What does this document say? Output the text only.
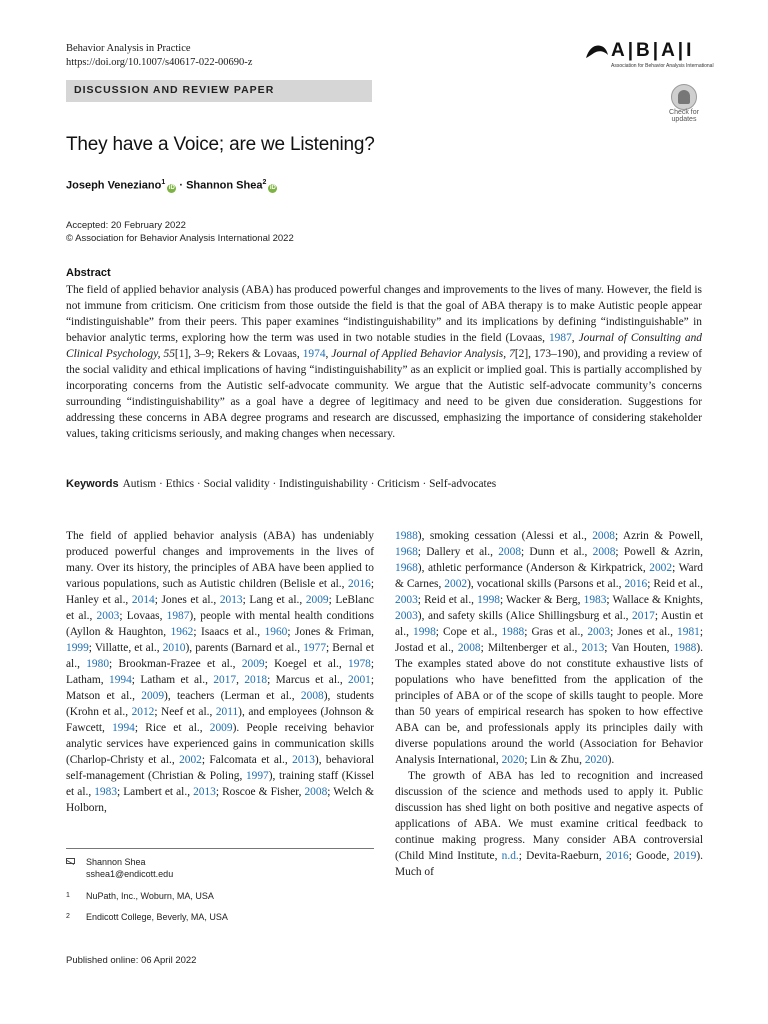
Behavior Analysis in Practice
https://doi.org/10.1007/s40617-022-00690-z
A|B|A|I
Association for Behavior Analysis International
DISCUSSION AND REVIEW PAPER
Check for
updates
They have a Voice; are we Listening?
Joseph Veneziano$^1$iD · Shannon Shea$^2$iD
Accepted: 20 February 2022
© Association for Behavior Analysis International 2022
Abstract

The field of applied behavior analysis (ABA) has produced powerful changes and improvements to the lives of many. However, the field is not immune from criticism. One criticism from those outside the field is that the goal of ABA therapy is to make Autistic people appear “indistinguishable” from their peers. This paper examines “indistinguishability” and its implications by defining “indistinguishable” in behavior analytic terms, exploring how the term was used in two notable studies in the field (Lovaas, 1987, Journal of Consulting and Clinical Psychology, 55[1], 3–9; Rekers & Lovaas, 1974, Journal of Applied Behavior Analysis, 7[2], 173–190), and providing a review of the social validity and ethical implications of having “indistinguishability” as an explicit or implied goal. This is partially accomplished by incorporating concerns from the Autistic self-advocate community. We argue that the Autistic self-advocate community’s concerns surrounding “indistinguishability” as a goal have a degree of legitimacy and need to be given due consideration. Suggestions for addressing these concerns in ABA degree programs and research are discussed, emphasizing the importance of considering stakeholder values, taking criticisms seriously, and making changes when necessary.

Keywords Autism · Ethics · Social validity · Indistinguishability · Criticism · Self-advocates

The field of applied behavior analysis (ABA) has undeniably produced powerful changes and improvements in the lives of many. Over its history, the principles of ABA have been applied to various populations, such as Autistic children (Belisle et al., 2016; Hanley et al., 2014; Jones et al., 2013; Lang et al., 2009; LeBlanc et al., 2003; Lovaas, 1987), people with mental health conditions (Ayllon & Haughton, 1962; Isaacs et al., 1960; Jones & Friman, 1999; Villatte, et al., 2010), parents (Barnard et al., 1977; Bernal et al., 1980; Brookman-Frazee et al., 2009; Koegel et al., 1978; Latham, 1994; Latham et al., 2017, 2018; Marcus et al., 2001; Matson et al., 2009), teachers (Lerman et al., 2008), students (Krohn et al., 2012; Neef et al., 2011), and employees (Johnson & Fawcett, 1994; Rice et al., 2009). People receiving behavior analytic services have experienced gains in communication skills (Charlop-Christy et al., 2002; Falcomata et al., 2013), behavioral self-management (Christian & Poling, 1997), training staff (Kissel et al., 1983; Lambert et al., 2013; Roscoe & Fisher, 2008; Welch & Holborn,

1988), smoking cessation (Alessi et al., 2008; Azrin & Powell, 1968; Dallery et al., 2008; Dunn et al., 2008; Powell & Azrin, 1968), athletic performance (Anderson & Kirkpatrick, 2002; Ward & Carnes, 2002), vocational skills (Parsons et al., 2016; Reid et al., 2003; Reid et al., 1998; Wacker & Berg, 1983; Wallace & Knights, 2003), and safety skills (Alice Shillingsburg et al., 2017; Austin et al., 1998; Cope et al., 1988; Gras et al., 2003; Jones et al., 1981; Jostad et al., 2008; Miltenberger et al., 2013; Van Houten, 1988). The examples stated above do not constitute exhaustive lists of populations who have benefitted from the application of the principles of ABA or of the scope of skills taught to people. More than 50 years of empirical research has spoken to how effective ABA can be, and professionals apply its principles daily with diverse populations around the world (Association for Behavior Analysis International, 2020; Lin & Zhu, 2020).

The growth of ABA has led to recognition and increased discussion of the science and methods used to apply it. Public discussion has shed light on both positive and negative aspects of applications of ABA. We must examine critical feedback to continue making progress. Many consider ABA controversial (Child Mind Institute, n.d.; Devita-Raeburn, 2016; Goode, 2019). Much of

Shannon Shea
sshea1@endicott.edu
1 NuPath, Inc., Woburn, MA, USA
2 Endicott College, Beverly, MA, USA
Published online: 06 April 2022
